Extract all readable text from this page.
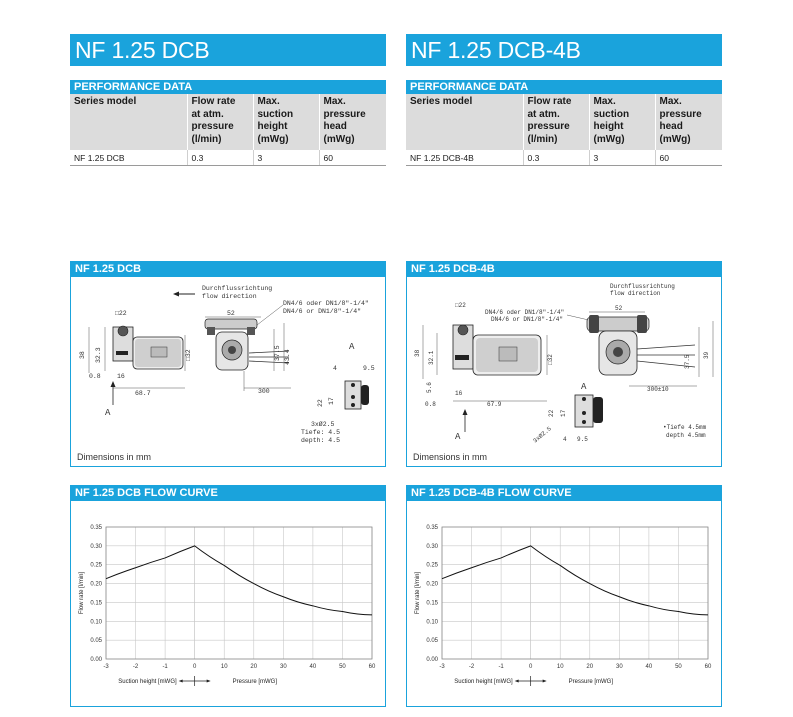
NF 1.25 DCB
PERFORMANCE DATA
Series model	Flow rate
at atm.
pressure
(l/min)	Max.
suction
height
(mWg)	Max.
pressure
head
(mWg)
NF 1.25 DCB	0.3	3	60
NF 1.25 DCB
Durchflussrichtung
flow direction
DN4/6 oder DN1/8"-1/4"
DN4/6 or DN1/8"-1/4"
□22
38 32.3	□32
0.8	16
68.7
A
52
37.5 43.4
300
A
4	9.5
22 17
3xØ2.5
Tiefe: 4.5
depth: 4.5
Dimensions in mm
NF 1.25 DCB FLOW CURVE
0.00
0.05
0.10
0.15
0.20
0.25
0.30
0.35
-3	-2	-1	0	10	20	30	40	50	60
Flow rate [l/min]
Suction height [mWG]	Pressure [mWG]
NF 1.25 DCB-4B
PERFORMANCE DATA
Series model	Flow rate
at atm.
pressure
(l/min)	Max.
suction
height
(mWg)	Max.
pressure
head
(mWg)
NF 1.25 DCB-4B	0.3	3	60
NF 1.25 DCB-4B
Durchflussrichtung
flow direction
DN4/6 oder DN1/8"-1/4"
DN4/6 or DN1/8"-1/4"
52
□22
38 32.1
5.6
□32
16
0.8	67.9
A
37.5 39
300±10
A
22 17
3xØ2.5 4 9.5
•Tiefe 4.5mm
depth 4.5mm
Dimensions in mm
NF 1.25 DCB-4B FLOW CURVE
0.00
0.05
0.10
0.15
0.20
0.25
0.30
0.35
-3	-2	-1	0	10	20	30	40	50	60
Flow rate [l/min]
Suction height [mWG]	Pressure [mWG]
